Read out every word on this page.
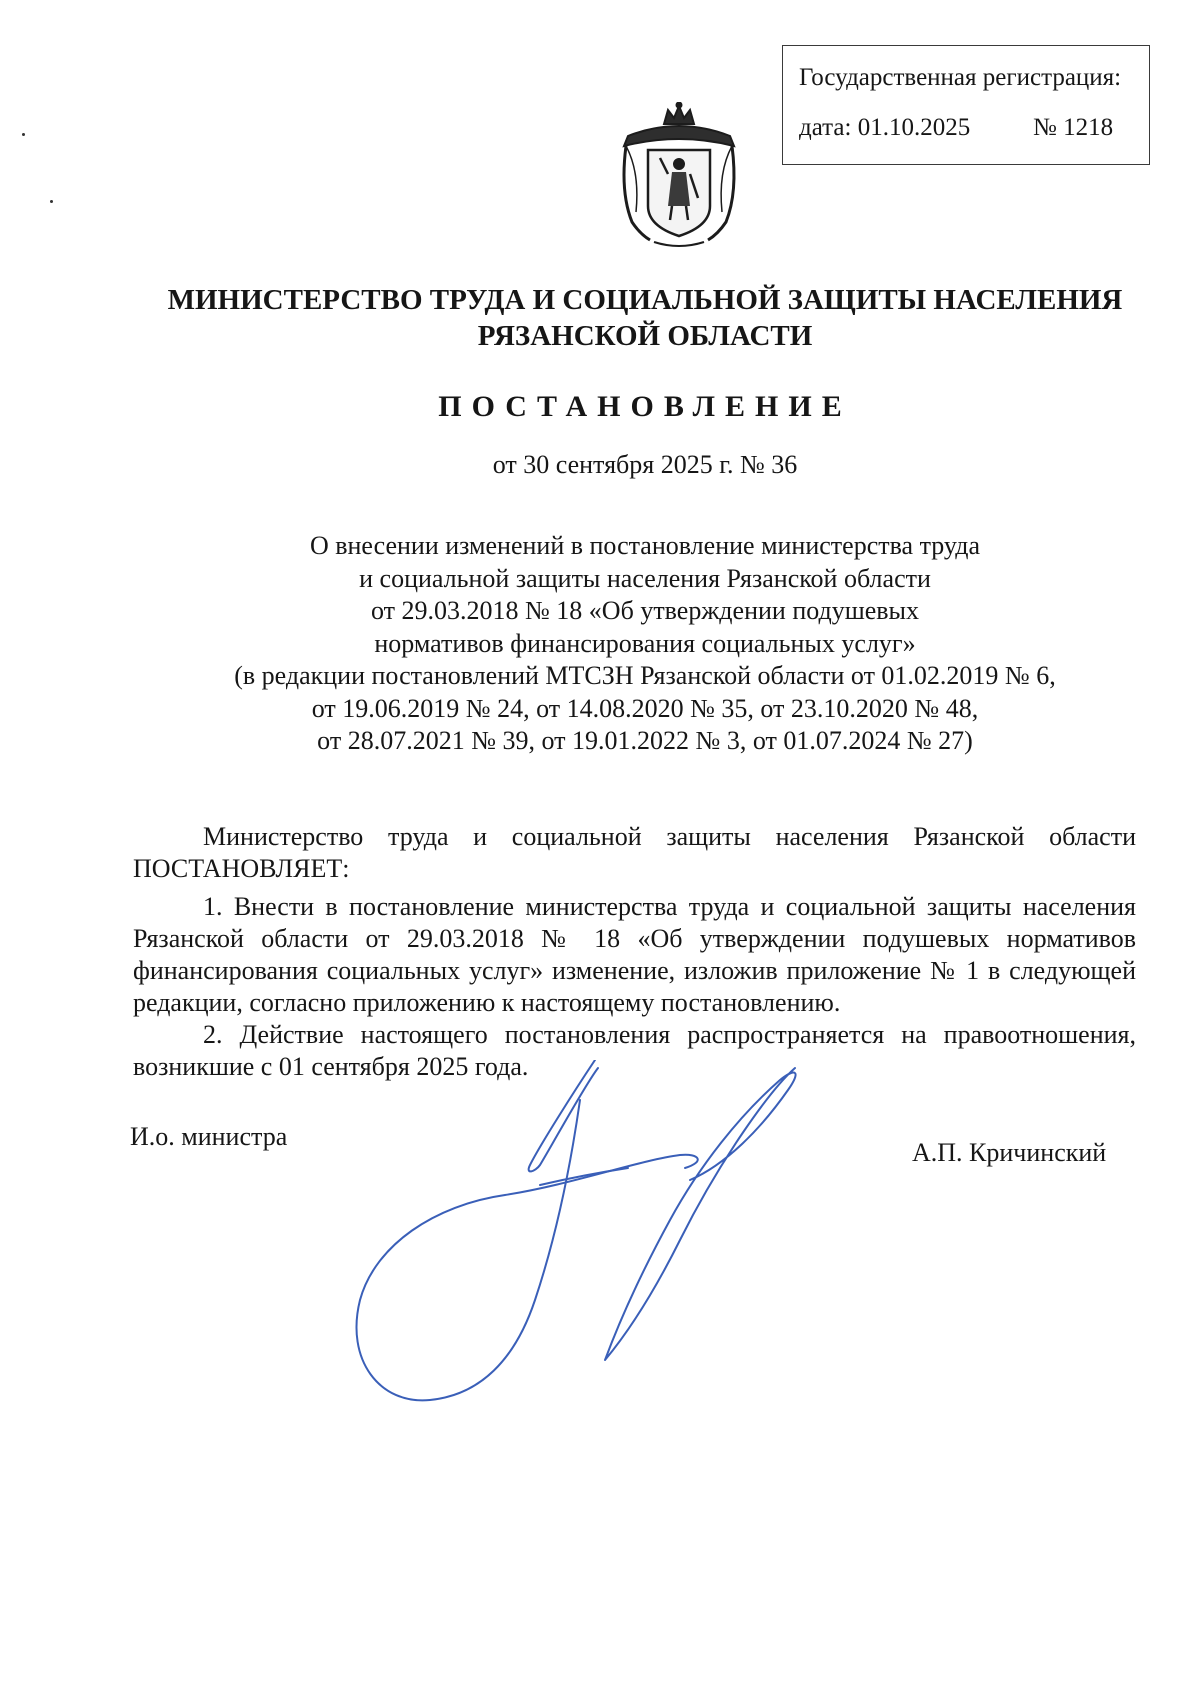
Государственная регистрация:
дата: 01.10.2025	№ 1218
МИНИСТЕРСТВО ТРУДА И СОЦИАЛЬНОЙ ЗАЩИТЫ НАСЕЛЕНИЯ
РЯЗАНСКОЙ ОБЛАСТИ
ПОСТАНОВЛЕНИЕ
от 30 сентября 2025 г. № 36
О внесении изменений в постановление министерства труда
и социальной защиты населения Рязанской области
от 29.03.2018 № 18 «Об утверждении подушевых
нормативов финансирования социальных услуг»
(в редакции постановлений МТСЗН Рязанской области от 01.02.2019 № 6,
от 19.06.2019 № 24, от 14.08.2020 № 35, от 23.10.2020 № 48,
от 28.07.2021 № 39, от 19.01.2022 № 3, от 01.07.2024 № 27)

Министерство труда и социальной защиты населения Рязанской области ПОСТАНОВЛЯЕТ:

1. Внести в постановление министерства труда и социальной защиты населения Рязанской области от 29.03.2018 № 18 «Об утверждении подушевых нормативов финансирования социальных услуг» изменение, изложив приложение № 1 в следующей редакции, согласно приложению к настоящему постановлению.

2. Действие настоящего постановления распространяется на правоотношения, возникшие с 01 сентября 2025 года.

И.о. министра
А.П. Кричинский
